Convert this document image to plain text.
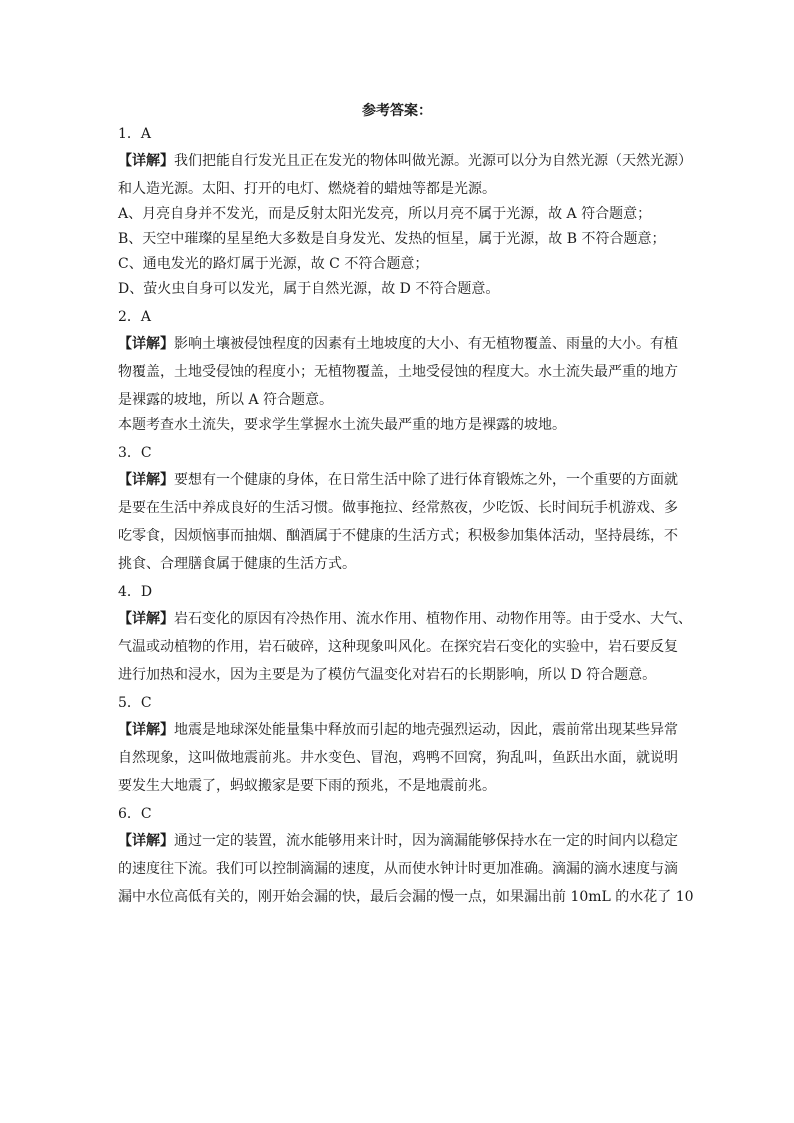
参考答案：
1．A
【详解】我们把能自行发光且正在发光的物体叫做光源。光源可以分为自然光源（天然光源）
和人造光源。太阳、打开的电灯、燃烧着的蜡烛等都是光源。
A、月亮自身并不发光，而是反射太阳光发亮，所以月亮不属于光源，故 A 符合题意；
B、天空中璀璨的星星绝大多数是自身发光、发热的恒星，属于光源，故 B 不符合题意；
C、通电发光的路灯属于光源，故 C 不符合题意；
D、萤火虫自身可以发光，属于自然光源，故 D 不符合题意。
2．A
【详解】影响土壤被侵蚀程度的因素有土地坡度的大小、有无植物覆盖、雨量的大小。有植
物覆盖，土地受侵蚀的程度小；无植物覆盖，土地受侵蚀的程度大。水土流失最严重的地方
是裸露的坡地，所以 A 符合题意。
本题考查水土流失，要求学生掌握水土流失最严重的地方是裸露的坡地。
3．C
【详解】要想有一个健康的身体，在日常生活中除了进行体育锻炼之外，一个重要的方面就
是要在生活中养成良好的生活习惯。做事拖拉、经常熬夜，少吃饭、长时间玩手机游戏、多
吃零食，因烦恼事而抽烟、酗酒属于不健康的生活方式；积极参加集体活动，坚持晨练，不
挑食、合理膳食属于健康的生活方式。
4．D
【详解】岩石变化的原因有冷热作用、流水作用、植物作用、动物作用等。由于受水、大气、
气温或动植物的作用，岩石破碎，这种现象叫风化。在探究岩石变化的实验中，岩石要反复
进行加热和浸水，因为主要是为了模仿气温变化对岩石的长期影响，所以 D 符合题意。
5．C
【详解】地震是地球深处能量集中释放而引起的地壳强烈运动，因此，震前常出现某些异常
自然现象，这叫做地震前兆。井水变色、冒泡，鸡鸭不回窝，狗乱叫，鱼跃出水面，就说明
要发生大地震了，蚂蚁搬家是要下雨的预兆，不是地震前兆。
6．C
【详解】通过一定的装置，流水能够用来计时，因为滴漏能够保持水在一定的时间内以稳定
的速度往下流。我们可以控制滴漏的速度，从而使水钟计时更加准确。滴漏的滴水速度与滴
漏中水位高低有关的，刚开始会漏的快，最后会漏的慢一点，如果漏出前 10mL 的水花了 10
